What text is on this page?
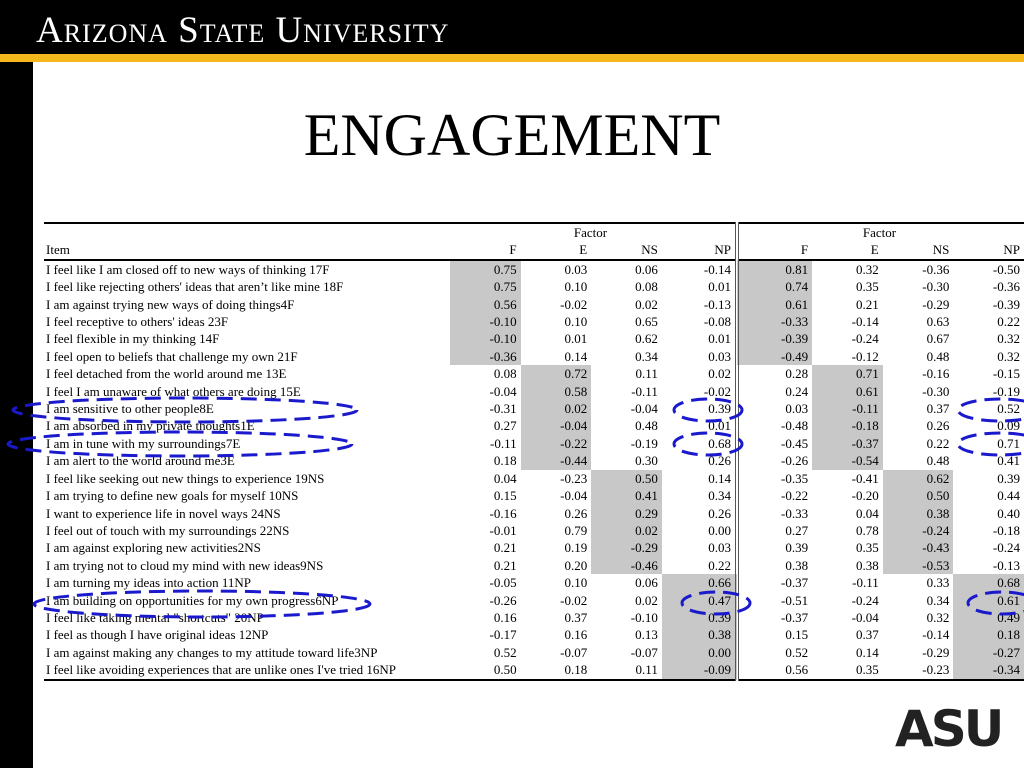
Arizona State University
ENGAGEMENT
	Factor				Factor			
Item	F	E	NS	NP	F	E	NS	NP
I feel like I am closed off to new ways of thinking 17F	0.75	0.03	0.06	-0.14	0.81	0.32	-0.36	-0.50
I feel like rejecting others' ideas that aren’t like mine 18F	0.75	0.10	0.08	0.01	0.74	0.35	-0.30	-0.36
I am against trying new ways of doing things4F	0.56	-0.02	0.02	-0.13	0.61	0.21	-0.29	-0.39
I feel receptive to others' ideas 23F	-0.10	0.10	0.65	-0.08	-0.33	-0.14	0.63	0.22
I feel flexible in my thinking 14F	-0.10	0.01	0.62	0.01	-0.39	-0.24	0.67	0.32
I feel open to beliefs that challenge my own 21F	-0.36	0.14	0.34	0.03	-0.49	-0.12	0.48	0.32
I feel detached from the world around me 13E	0.08	0.72	0.11	0.02	0.28	0.71	-0.16	-0.15
I feel I am unaware of what others are doing 15E	-0.04	0.58	-0.11	-0.02	0.24	0.61	-0.30	-0.19
I am sensitive to other people8E	-0.31	0.02	-0.04	0.39	0.03	-0.11	0.37	0.52
I am absorbed in my private thoughts1E	0.27	-0.04	0.48	0.01	-0.48	-0.18	0.26	0.09
I am in tune with my surroundings7E	-0.11	-0.22	-0.19	0.68	-0.45	-0.37	0.22	0.71
I am alert to the world around me3E	0.18	-0.44	0.30	0.26	-0.26	-0.54	0.48	0.41
I feel like seeking out new things to experience 19NS	0.04	-0.23	0.50	0.14	-0.35	-0.41	0.62	0.39
I am trying to define new goals for myself 10NS	0.15	-0.04	0.41	0.34	-0.22	-0.20	0.50	0.44
I want to experience life in novel ways 24NS	-0.16	0.26	0.29	0.26	-0.33	0.04	0.38	0.40
I feel out of touch with my surroundings 22NS	-0.01	0.79	0.02	0.00	0.27	0.78	-0.24	-0.18
I am against exploring new activities2NS	0.21	0.19	-0.29	0.03	0.39	0.35	-0.43	-0.24
I am trying not to cloud my mind with new ideas9NS	0.21	0.20	-0.46	0.22	0.38	0.38	-0.53	-0.13
I am turning my ideas into action 11NP	-0.05	0.10	0.06	0.66	-0.37	-0.11	0.33	0.68
I am building on opportunities for my own progress6NP	-0.26	-0.02	0.02	0.47	-0.51	-0.24	0.34	0.61
I feel like taking mental "shortcuts" 20NP	0.16	0.37	-0.10	0.39	-0.37	-0.04	0.32	0.49
I feel as though I have original ideas 12NP	-0.17	0.16	0.13	0.38	0.15	0.37	-0.14	0.18
I am against making any changes to my attitude toward life3NP	0.52	-0.07	-0.07	0.00	0.52	0.14	-0.29	-0.27
I feel like avoiding experiences that are unlike ones I've tried 16NP	0.50	0.18	0.11	-0.09	0.56	0.35	-0.23	-0.34
ASU
